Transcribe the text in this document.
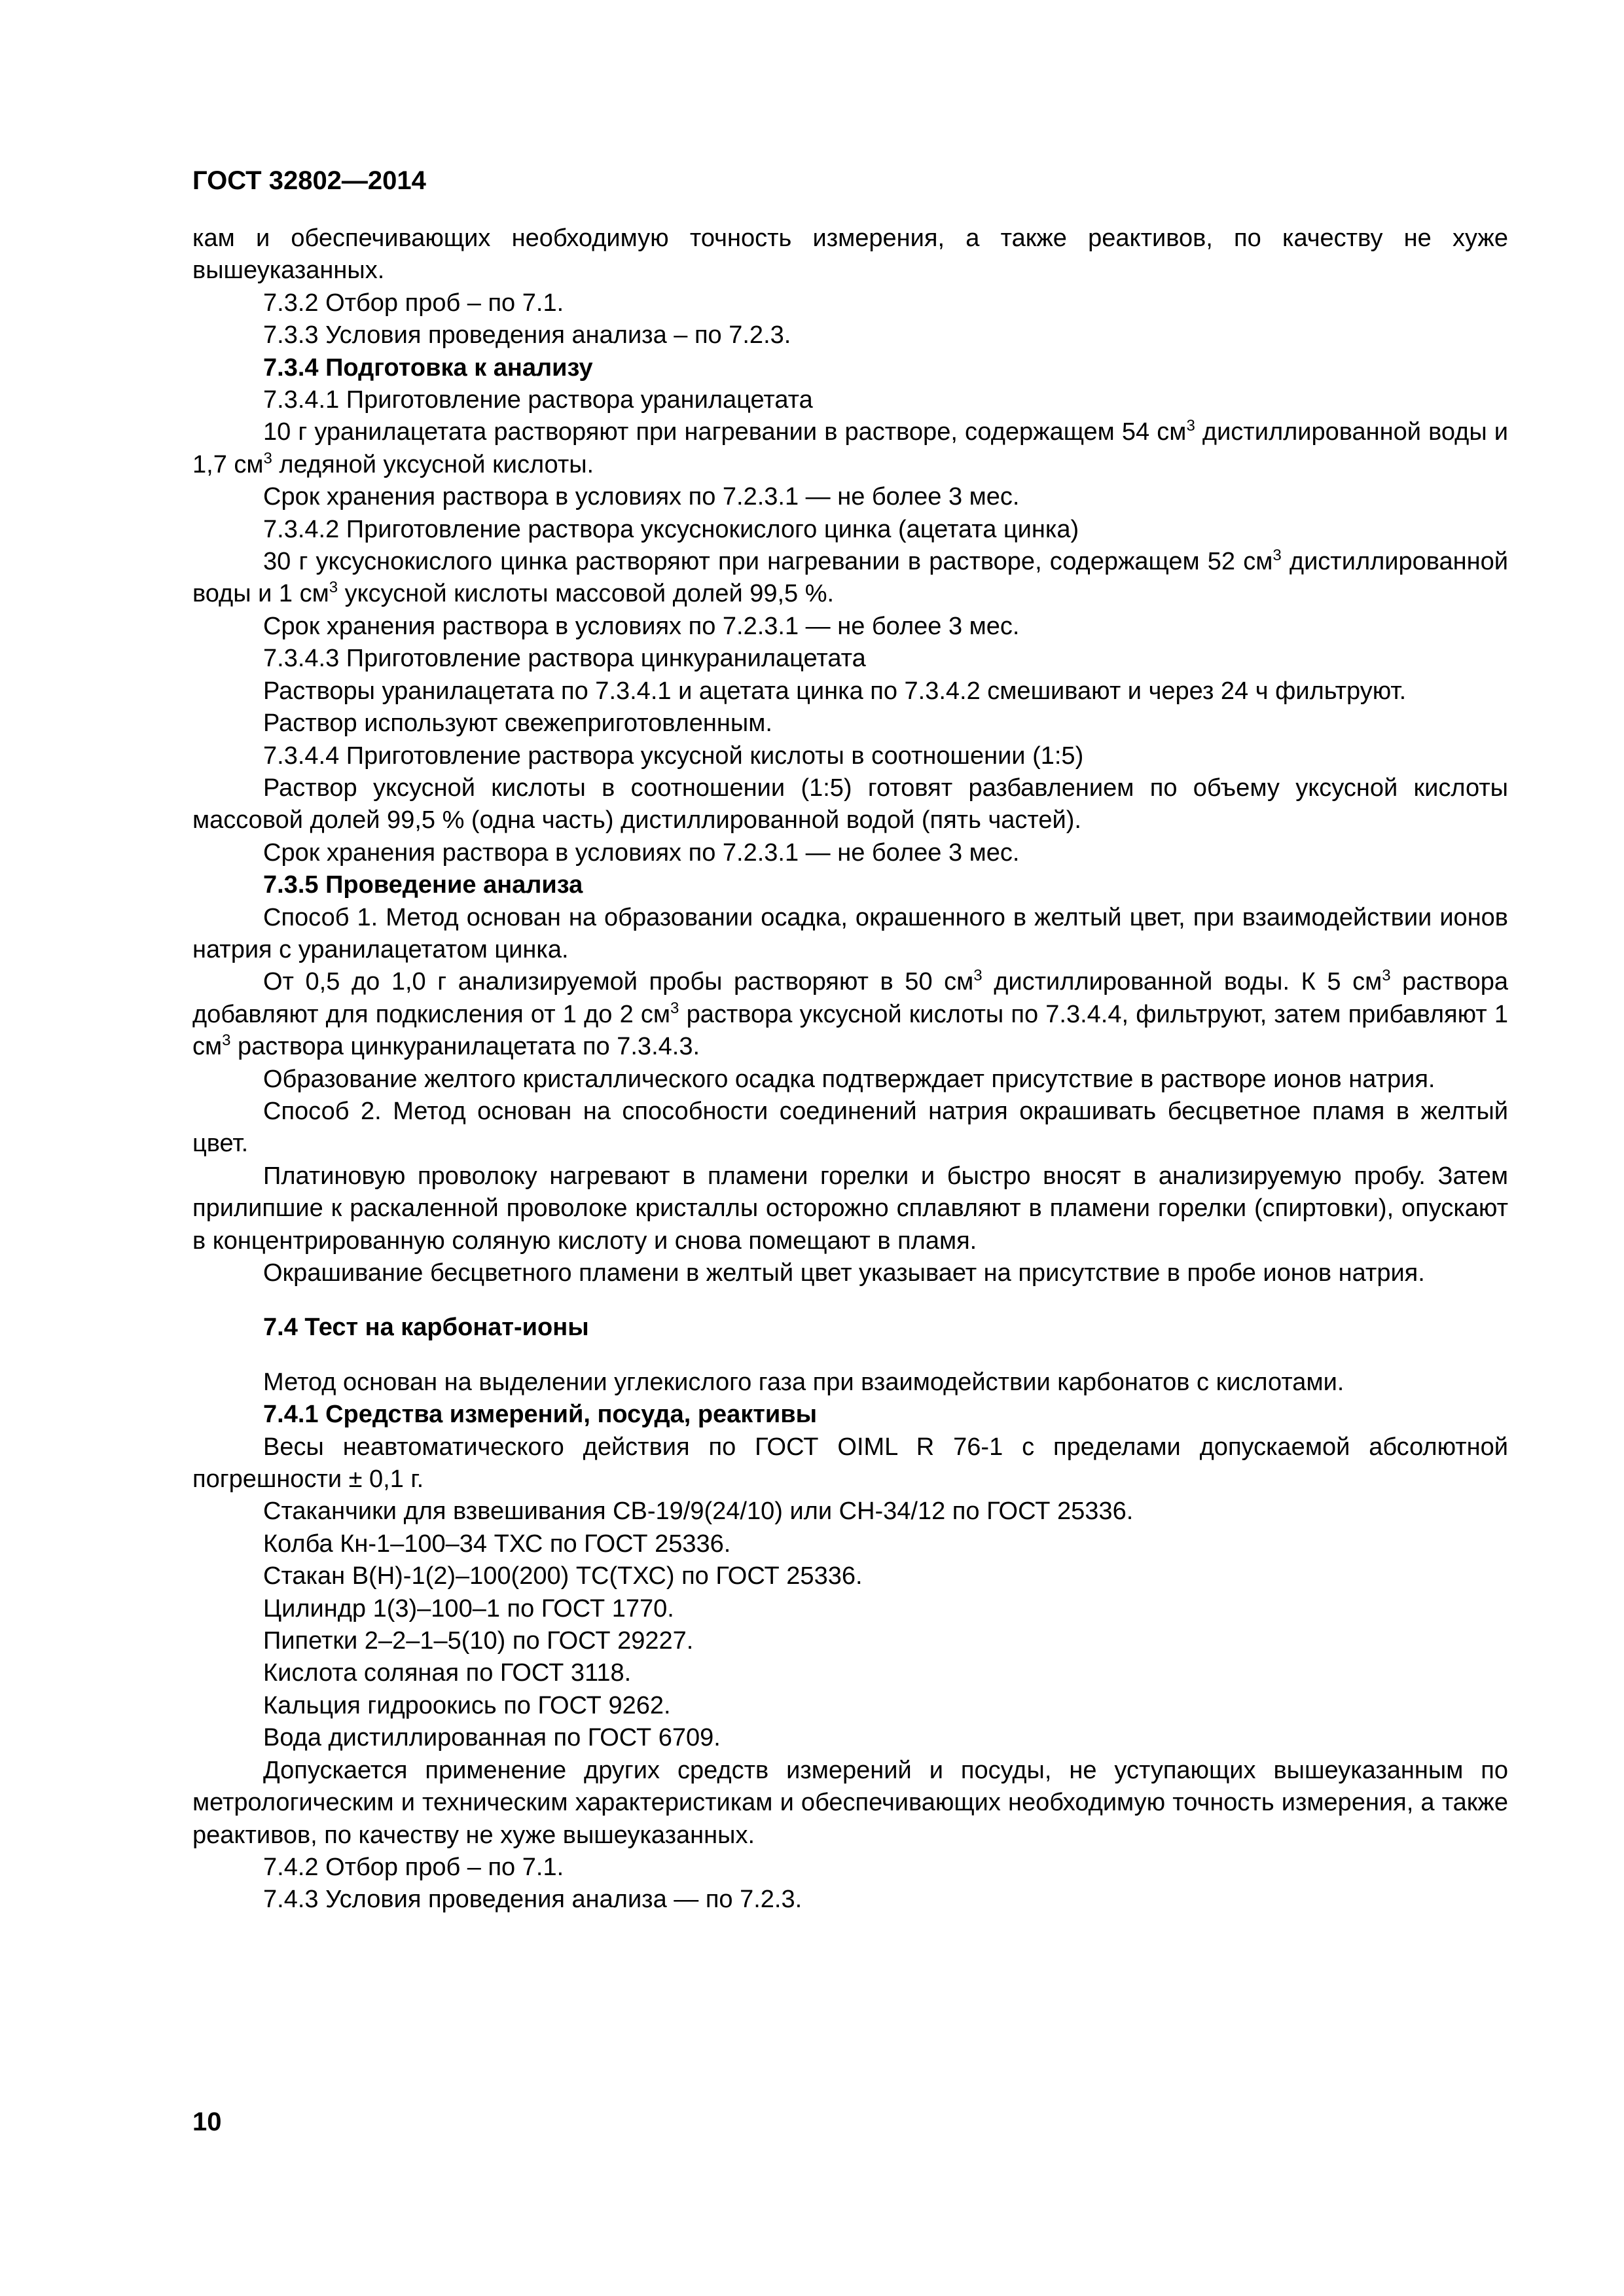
ГОСТ 32802—2014

кам и обеспечивающих необходимую точность измерения, а также реактивов, по качеству не хуже вышеуказанных.

7.3.2 Отбор проб – по 7.1.

7.3.3 Условия проведения анализа – по 7.2.3.

7.3.4 Подготовка к анализу

7.3.4.1 Приготовление раствора уранилацетата

10 г уранилацетата растворяют при нагревании в растворе, содержащем 54 $см^3$ дистиллированной воды и 1,7 $см^3$ ледяной уксусной кислоты.

Срок хранения раствора в условиях по 7.2.3.1 — не более 3 мес.

7.3.4.2 Приготовление раствора уксуснокислого цинка (ацетата цинка)

30 г уксуснокислого цинка растворяют при нагревании в растворе, содержащем 52 $см^3$ дистиллированной воды и 1 $см^3$ уксусной кислоты массовой долей 99,5 %.

Срок хранения раствора в условиях по 7.2.3.1 — не более 3 мес.

7.3.4.3 Приготовление раствора цинкуранилацетата

Растворы уранилацетата по 7.3.4.1 и ацетата цинка по 7.3.4.2 смешивают и через 24 ч фильтруют.

Раствор используют свежеприготовленным.

7.3.4.4 Приготовление раствора уксусной кислоты в соотношении (1:5)

Раствор уксусной кислоты в соотношении (1:5) готовят разбавлением по объему уксусной кислоты массовой долей 99,5 % (одна часть) дистиллированной водой (пять частей).

Срок хранения раствора в условиях по 7.2.3.1 — не более 3 мес.

7.3.5 Проведение анализа

Способ 1. Метод основан на образовании осадка, окрашенного в желтый цвет, при взаимодействии ионов натрия с уранилацетатом цинка.

От 0,5 до 1,0 г анализируемой пробы растворяют в 50 $см^3$ дистиллированной воды. К 5 $см^3$ раствора добавляют для подкисления от 1 до 2 $см^3$ раствора уксусной кислоты по 7.3.4.4, фильтруют, затем прибавляют 1 $см^3$ раствора цинкуранилацетата по 7.3.4.3.

Образование желтого кристаллического осадка подтверждает присутствие в растворе ионов натрия.

Способ 2. Метод основан на способности соединений натрия окрашивать бесцветное пламя в желтый цвет.

Платиновую проволоку нагревают в пламени горелки и быстро вносят в анализируемую пробу. Затем прилипшие к раскаленной проволоке кристаллы осторожно сплавляют в пламени горелки (спиртовки), опускают в концентрированную соляную кислоту и снова помещают в пламя.

Окрашивание бесцветного пламени в желтый цвет указывает на присутствие в пробе ионов натрия.

7.4 Тест на карбонат-ионы

Метод основан на выделении углекислого газа при взаимодействии карбонатов с кислотами.

7.4.1 Средства измерений, посуда, реактивы

Весы неавтоматического действия по ГОСТ OIML R 76-1 с пределами допускаемой абсолютной погрешности ± 0,1 г.

Стаканчики для взвешивания СВ-19/9(24/10) или СН-34/12 по ГОСТ 25336.

Колба Кн-1–100–34 ТХС по ГОСТ 25336.

Стакан В(Н)-1(2)–100(200) ТС(ТХС) по ГОСТ 25336.

Цилиндр 1(3)–100–1 по ГОСТ 1770.

Пипетки 2–2–1–5(10) по ГОСТ 29227.

Кислота соляная по ГОСТ 3118.

Кальция гидроокись по ГОСТ 9262.

Вода дистиллированная по ГОСТ 6709.

Допускается применение других средств измерений и посуды, не уступающих вышеуказанным по метрологическим и техническим характеристикам и обеспечивающих необходимую точность измерения, а также реактивов, по качеству не хуже вышеуказанных.

7.4.2 Отбор проб – по 7.1.

7.4.3 Условия проведения анализа — по 7.2.3.

10
